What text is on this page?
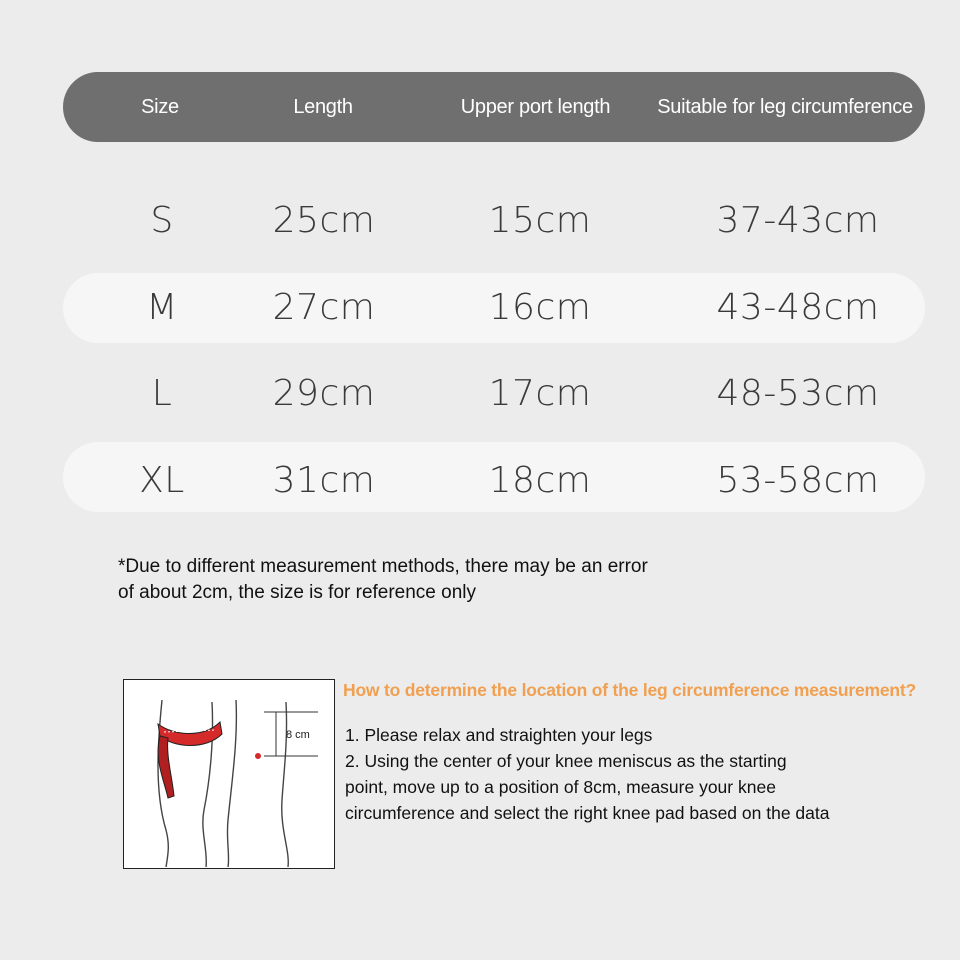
Size	Length	Upper port length	Suitable for leg circumference
S	25cm	15cm	37-43cm
M	27cm	16cm	43-48cm
L	29cm	17cm	48-53cm
XL	31cm	18cm	53-58cm
*Due to different measurement methods, there may be an error
of about 2cm, the size is for reference only
8 cm
How to determine the location of the leg circumference measurement?

1. Please relax and straighten your legs

2. Using the center of your knee meniscus as the starting

point, move up to a position of 8cm, measure your knee

circumference and select the right knee pad based on the data
